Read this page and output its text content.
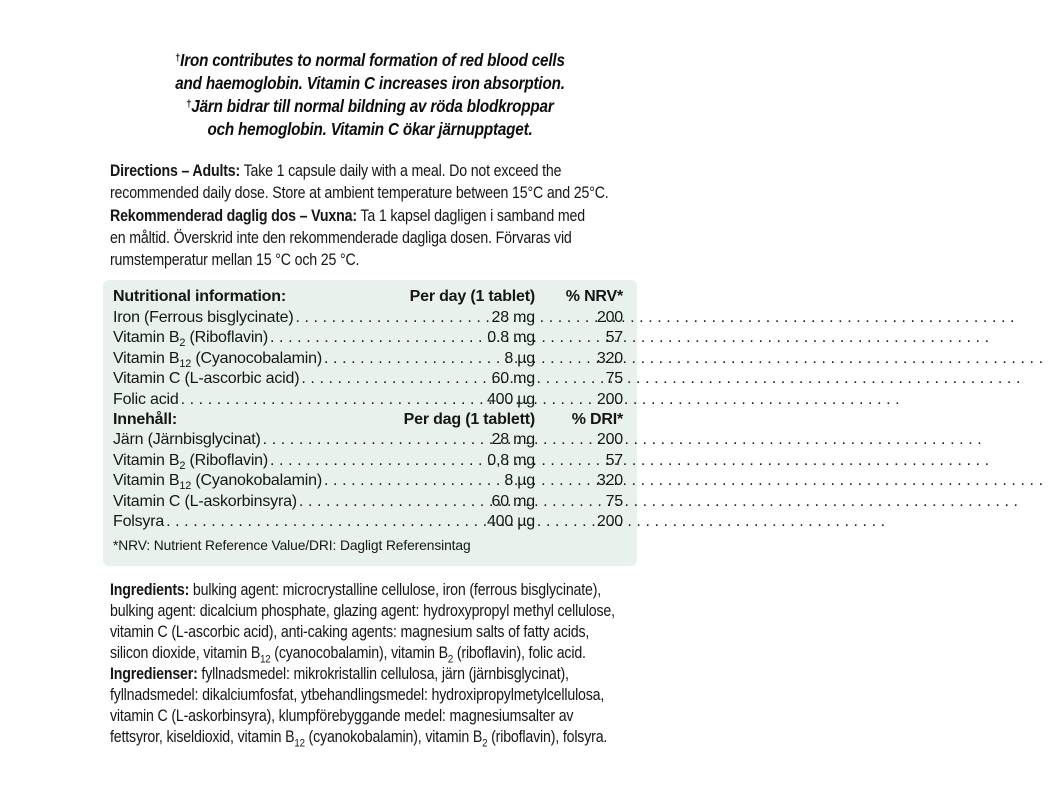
†Iron contributes to normal formation of red blood cells
and haemoglobin. Vitamin C increases iron absorption.
†Järn bidrar till normal bildning av röda blodkroppar
och hemoglobin. Vitamin C ökar järnupptaget.
Directions – Adults: Take 1 capsule daily with a meal. Do not exceed the
recommended daily dose. Store at ambient temperature between 15°C and 25°C.
Rekommenderad daglig dos – Vuxna: Ta 1 kapsel dagligen i samband med
en måltid. Överskrid inte den rekommenderade dagliga dosen. Förvaras vid
rumstemperatur mellan 15 °C och 25 °C.
Nutritional information:	Per day (1 tablet)	% NRV*
Iron (Ferrous bisglycinate) .....	28 mg	200
Vitamin $B_2$ (Riboflavin) .....	0.8 mg	57
Vitamin $B_{12}$ (Cyanocobalamin) .....	8 µg	320
Vitamin C (L-ascorbic acid) .....	60 mg	75
Folic acid .....	400 µg	200
Innehåll:	Per dag (1 tablett)	% DRI*
Järn (Järnbisglycinat) .....	28 mg	200
Vitamin $B_2$ (Riboflavin) .....	0,8 mg	57
Vitamin $B_{12}$ (Cyanokobalamin) .....	8 µg	320
Vitamin C (L-askorbinsyra) .....	60 mg	75
Folsyra .....	400 µg	200
*NRV: Nutrient Reference Value/DRI: Dagligt Referensintag
Ingredients: bulking agent: microcrystalline cellulose, iron (ferrous bisglycinate),
bulking agent: dicalcium phosphate, glazing agent: hydroxypropyl methyl cellulose,
vitamin C (L-ascorbic acid), anti-caking agents: magnesium salts of fatty acids,
silicon dioxide, vitamin $B_{12}$ (cyanocobalamin), vitamin $B_2$ (riboflavin), folic acid.
Ingredienser: fyllnadsmedel: mikrokristallin cellulosa, järn (järnbisglycinat),
fyllnadsmedel: dikalciumfosfat, ytbehandlingsmedel: hydroxipropylmetylcellulosa,
vitamin C (L-askorbinsyra), klumpförebyggande medel: magnesiumsalter av
fettsyror, kiseldioxid, vitamin $B_{12}$ (cyanokobalamin), vitamin $B_2$ (riboflavin), folsyra.
